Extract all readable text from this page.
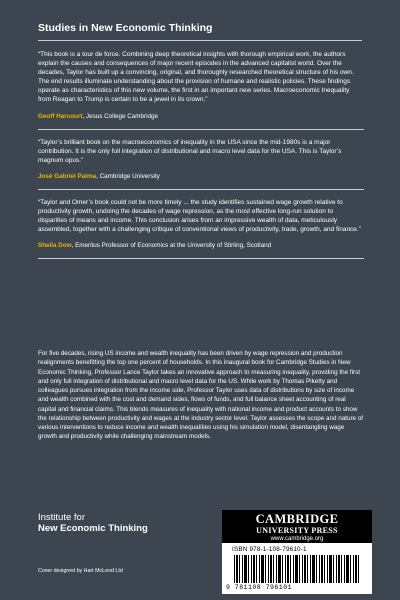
Studies in New Economic Thinking

“This book is a tour de force. Combining deep theoretical insights with thorough empirical work, the authors explain the causes and consequences of major recent episodes in the advanced capitalist world. Over the decades, Taylor has built up a convincing, original, and thoroughly researched theoretical structure of his own. The end results illuminate understanding about the provision of humane and realistic policies. These findings operate as characteristics of this new volume, the first in an important new series. Macroeconomic Inequality from Reagan to Trump is certain to be a jewel in its crown.”

Geoff Harcourt, Jesus College Cambridge

“Taylor’s brilliant book on the macroeconomics of inequality in the USA since the mid-1980s is a major contribution. It is the only full integration of distributional and macro level data for the USA. This is Taylor’s magnum opus.”

José Gabriel Palma, Cambridge University

“Taylor and Omer’s book could not be more timely ... the study identifies sustained wage growth relative to productivity growth, undoing the decades of wage repression, as the most effective long-run solution to disparities of means and income. This conclusion arises from an impressive wealth of data, meticulously assembled, together with a challenging critique of conventional views of productivity, trade, growth, and finance.”

Sheila Dow, Emeritus Professor of Economics at the University of Stirling, Scotland

For five decades, rising US income and wealth inequality has been driven by wage repression and production realignments benefitting the top one percent of households. In this inaugural book for Cambridge Studies in New Economic Thinking, Professor Lance Taylor takes an innovative approach to measuring inequality, providing the first and only full integration of distributional and macro level data for the US. While work by Thomas Piketty and colleagues pursues integration from the income side, Professor Taylor uses data of distributions by size of income and wealth combined with the cost and demand sides, flows of funds, and full balance sheet accounting of real capital and financial claims. This blends measures of inequality with national income and product accounts to show the relationship between productivity and wages at the industry sector level. Taylor assesses the scope and nature of various interventions to reduce income and wealth inequalities using his simulation model, disentangling wage growth and productivity while challenging mainstream models.

Institute for
New Economic Thinking
CAMBRIDGE
UNIVERSITY PRESS
www.cambridge.org
ISBN 978-1-108-79610-1
9 781108 796101
Cover designed by Hart McLeod Ltd
